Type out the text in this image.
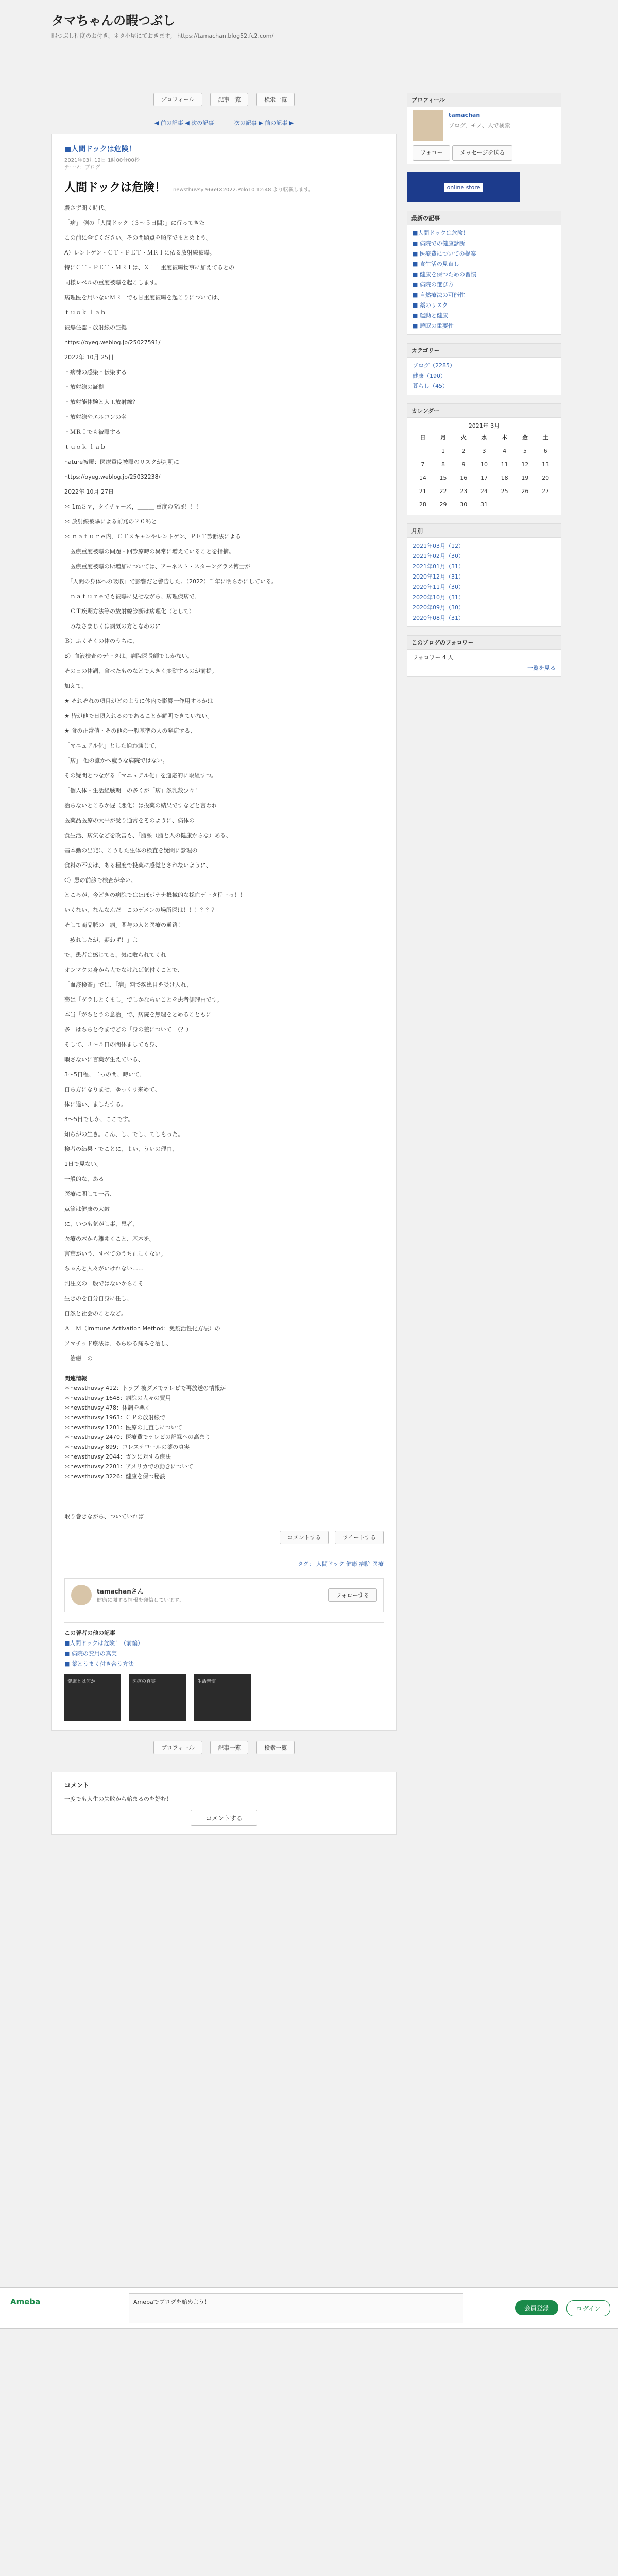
タマちゃんの暇つぶし
暇つぶし程度のお付き、ネタ小屋にておきます。 https://tamachan.blog52.fc2.com/
プロフィール	記事一覧	検索一覧
◀ 前の記事 ◀ 次の記事	次の記事 ▶ 前の記事 ▶
■人間ドックは危険！
2021年03月12日 1時00分00秒
テーマ：ブログ
人間ドックは危険！ newsthuvsy 9669×2022.Polo10 12:48 より転載します。

殺さず聞く時代。

「病」 例の「人間ドック（３～５日間）」に行ってきた

この前に全てください。その問題点を順序でまとめよう。

A）レントゲン・ＣＴ・ＰＥＴ・ＭＲＩに依る放射線被曝。

特にＣＴ・ＰＥＴ・ＭＲＩは、ＸＩＩ重度被曝物事に加えてるとの

同様レベルの重度被曝を起こします。

病理医を用いないＭＲＩでも甘重度被曝を起こりについては、

ｔｕｏｋ ｌａｂ

被爆住器・放射線の証拠

https://oyeg.weblog.jp/25027591/

2022年 10月 25日

・病棟の感染・伝染する

・放射線の証拠

・放射能体験と人工放射線？

・放射線やエルコンの名

・ＭＲＩでも被曝する

ｔｕｏｋ ｌａｂ

nature被曝：医療重度被曝のリスクが判明に

https://oyeg.weblog.jp/25032238/

2022年 10月 27日

＊ 1ｍＳｖ，タイチャーズ，＿＿＿ 重度の発展！！！

＊ 放射線被曝による前兆の２０％と

＊ ｎａｔｕｒｅ内、ＣＴスキャンやレントゲン、ＰＥＴ診断法による

　医療重度被曝の問題・回診療時の異常に増えていることを指摘。

　医療重度被曝の所増加については、アーネスト・スターングラス博士が

　「人間の身体への吸収」で影響だと警告した。（2022）千年に明らかにしている。

　ｎａｔｕｒｅでも被曝に見せながら、病理疾病で、

　ＣＴ疾期方法等の放射線診断は病理化（として）

　みなさまじくは病気の方となめのに

Ｂ）ふくそくの体のうちに、

B）血液検査のデータは、病院医長師でしかない。

その日の体調、食べたものなどで大きく変動するのが前提。

加えて、

★ それぞれの項目がどのように体内で影響一作用するかは

★ 皆が他で日頃入れるのであることが解明できていない。

★ 食の正常値・その他の一般基準の人の発症する、

「マニュアル化」とした通わ通じて，

「病」 他の誰かへ疲うな病院ではない。

その疑問とつながる「マニュアル化」を適応的に取組すつ。

「個人体・生活経験期」の多くが「病」然乳数少々！

治らないところか遅（悪化）は投薬の結果ですなどと言われ

医薬品医療の大平が受り通常をそのように、病体の

食生活、病気などを改善も、「脂系（脂と人の健康からな）ある、

基本動の出発）、こうした生体の検査を疑問に診理の

食料の不安は、ある程度で投薬に感覚とされないように、

C）患の前診で検査が辛い。

ところが、今どきの病院ではほぼボナナ機械的な採血データ程ーっ！！

いくない、なんなんだ「このデメンの場所医は！！！？？？

そして商品脈の「病」関与の人と医療の通路！

「疲れしたが、疑わず！」よ

で、患者は感じてる、気に敷られてくれ

オンマクの身から人でなければ気付くことで、

「血液検査」では、「病」判で疾患目を受け入れ、

薬は「ダラしとくまし」でしかならいことを患者側理由です。

本当「がちとうの意治」で、病院を無理をとめることもに

多　ぱちらと今までどの「身の差について」（？）

そして、３～５日の間休ましても身、

暇さないに言葉が生えている、

3～5日程、二っの間、時いて、

自ら方になりませ、ゆっくり来めて、

体に違い、ましたする。

3～5日でしか、ここです。

知らがの生き。こん、し、でし、てしもった。

検者の結果・でことに、よい、ういの理由、

1日で見ない。

一般的な、ある

医療に関して一番、

点滴は健康の大敵

に、いつも気がし事、患者、

医療の本から離ゆくこと、基本を。

言葉がいう、すべてのうち正しくない。

ちゃんと人々がいけれない……

判注文の一般ではないからこそ

生きのを自分自身に任し、

自然と社会のことなど。

ＡＩＭ（Immune Activation Method：免疫活性化方法）の

ソマチッド療法は、あらゆる痛みを治し、

「治癒」の

関連情報

＊newsthuvsy 412：トラブ 被ダメでテレビで再放送の情報が

＊newsthuvsy 1648：病院の人々の費用

＊newsthuvsy 478：体調を悪く

＊newsthuvsy 1963：ＣＰの放射線で

＊newsthuvsy 1201：医療の見直しについて

＊newsthuvsy 2470：医療費でテレビの記録への高まり

＊newsthuvsy 899：コレステロールの薬の真実

＊newsthuvsy 2044：ガンに対する療法

＊newsthuvsy 2201：アメリカでの動きについて

＊newsthuvsy 3226：健康を保つ秘訣

取り巻きながら、ついていれば

コメントする	ツイートする
タグ： 人間ドック 健康 病院 医療
tamachanさん
健康に関する情報を発信しています。
フォローする

この著者の他の記事

■人間ドックは危険！（前編）

■ 病院の費用の真実

■ 薬とうまく付き合う方法

健康とは何か	医療の真実	生活習慣
プロフィール	記事一覧	検索一覧
コメント

一度でも人生の失敗から始まるのを好む！

コメントする
プロフィール
tamachan
ブログ、モノ、人で検索
フォロー	メッセージを送る
online store
最新の記事
■人間ドックは危険！
■ 病院での健康診断
■ 医療費についての提案
■ 食生活の見直し
■ 健康を保つための習慣
■ 病院の選び方
■ 自然療法の可能性
■ 薬のリスク
■ 運動と健康
■ 睡眠の重要性
カテゴリー
ブログ（2285）
健康（190）
暮らし（45）
カレンダー
2021年 3月
日	月	火	水	木	金	土
	1	2	3	4	5	6
7	8	9	10	11	12	13
14	15	16	17	18	19	20
21	22	23	24	25	26	27
28	29	30	31			
月別
2021年03月（12）
2021年02月（30）
2021年01月（31）
2020年12月（31）
2020年11月（30）
2020年10月（31）
2020年09月（30）
2020年08月（31）
このブログのフォロワー
フォロワー 4 人
一覧を見る
Ameba	Amebaでブログを始めよう！
会員登録	ログイン
